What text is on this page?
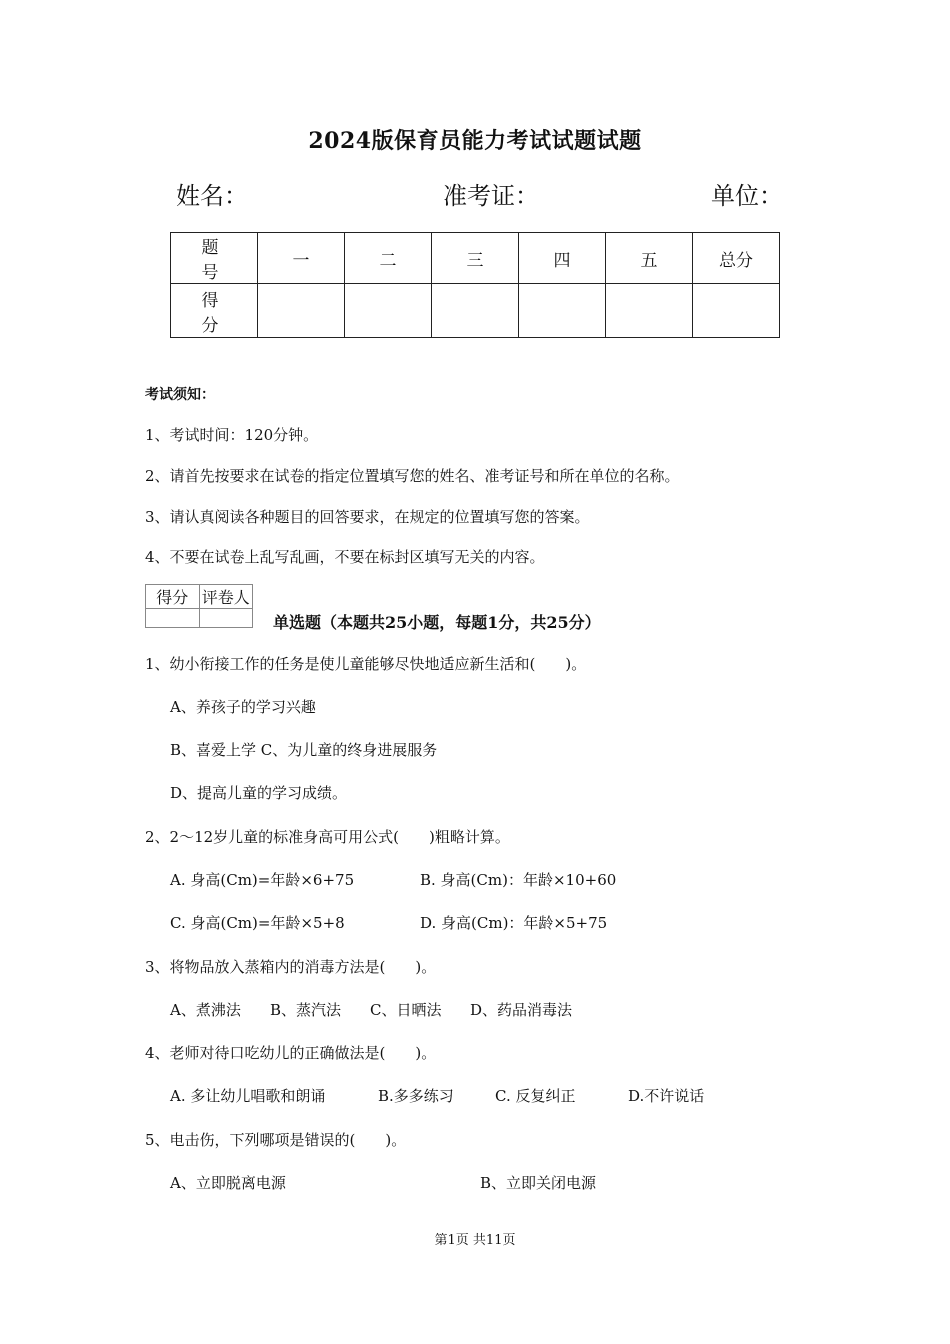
2024版保育员能力考试试题试题
姓名：	准考证：	单位：
题　号	一	二	三	四	五	总分
得　分						
考试须知：
1、考试时间：120分钟。
2、请首先按要求在试卷的指定位置填写您的姓名、准考证号和所在单位的名称。
3、请认真阅读各种题目的回答要求，在规定的位置填写您的答案。
4、不要在试卷上乱写乱画，不要在标封区填写无关的内容。
得分	评卷人

单选题（本题共25小题，每题1分，共25分）
1、幼小衔接工作的任务是使儿童能够尽快地适应新生活和(　　)。
A、养孩子的学习兴趣
B、喜爱上学 C、为儿童的终身进展服务
D、提高儿童的学习成绩。
2、2～12岁儿童的标准身高可用公式(　　)粗略计算。
A. 身高(Cm)=年龄×6+75	B. 身高(Cm)：年龄×10+60
C. 身高(Cm)=年龄×5+8	D. 身高(Cm)：年龄×5+75
3、将物品放入蒸箱内的消毒方法是(　　)。
A、煮沸法 B、蒸汽法 C、日晒法 D、药品消毒法
4、老师对待口吃幼儿的正确做法是(　　)。
A. 多让幼儿唱歌和朗诵	B.多多练习	C. 反复纠正	D.不许说话
5、电击伤，下列哪项是错误的(　　)。
A、立即脱离电源	B、立即关闭电源
第1页 共11页
